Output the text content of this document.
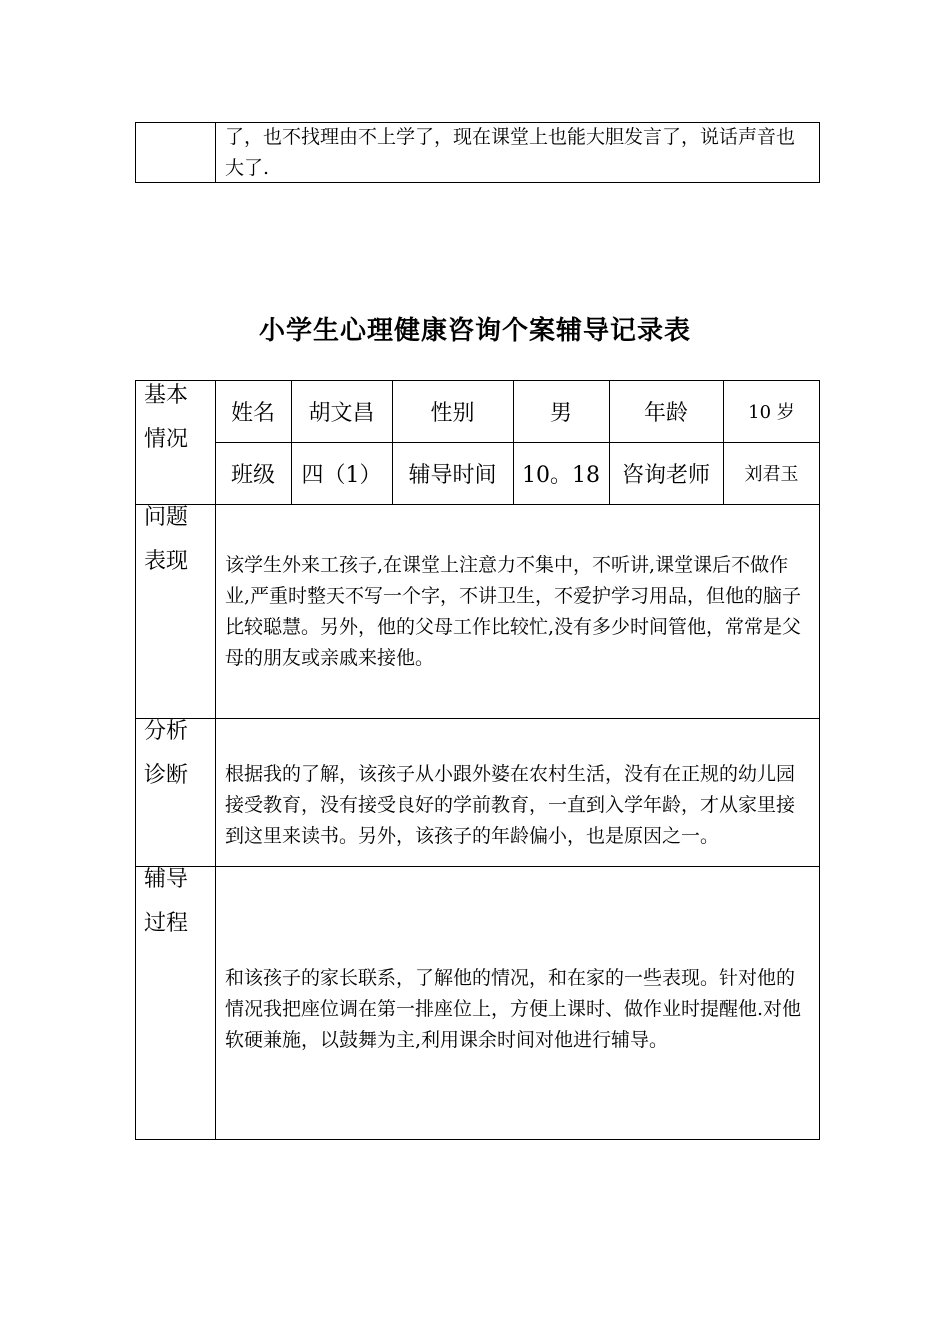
了，也不找理由不上学了，现在课堂上也能大胆发言了，说话声音也大了.
小学生心理健康咨询个案辅导记录表
基本情况
姓名	胡文昌	性别	男	年龄	10 岁
班级	四（1）	辅导时间	10。18 咨询老师	刘君玉
问题表现	该学生外来工孩子,在课堂上注意力不集中，不听讲,课堂课后不做作业,严重时整天不写一个字，不讲卫生，不爱护学习用品，但他的脑子比较聪慧。另外，他的父母工作比较忙,没有多少时间管他，常常是父母的朋友或亲戚来接他。
分析诊断	根据我的了解，该孩子从小跟外婆在农村生活，没有在正规的幼儿园接受教育，没有接受良好的学前教育，一直到入学年龄，才从家里接到这里来读书。另外，该孩子的年龄偏小，也是原因之一。
辅导过程
和该孩子的家长联系，了解他的情况，和在家的一些表现。针对他的情况我把座位调在第一排座位上，方便上课时、做作业时提醒他.对他软硬兼施，以鼓舞为主,利用课余时间对他进行辅导。
